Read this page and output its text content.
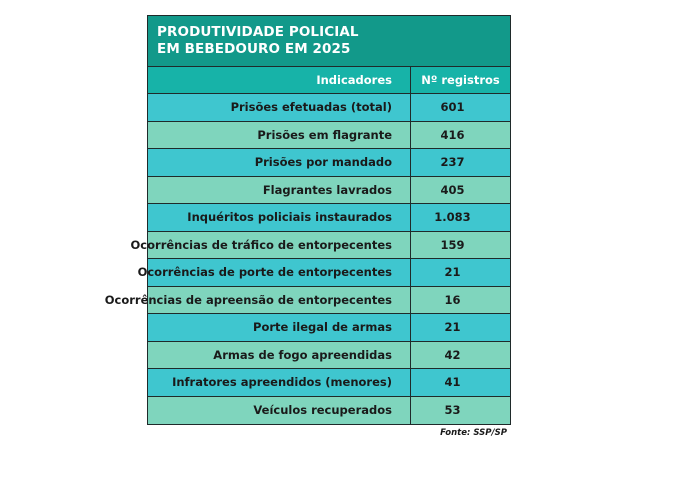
PRODUTIVIDADE POLICIAL
EM BEBEDOURO EM 2025
Indicadores	Nº registros
Prisões efetuadas (total)	601
Prisões em flagrante	416
Prisões por mandado	237
Flagrantes lavrados	405
Inquéritos policiais instaurados	1.083
Ocorrências de tráfico de entorpecentes	159
Ocorrências de porte de entorpecentes	21
Ocorrências de apreensão de entorpecentes	16
Porte ilegal de armas	21
Armas de fogo apreendidas	42
Infratores apreendidos (menores)	41
Veículos recuperados	53
Fonte: SSP/SP
